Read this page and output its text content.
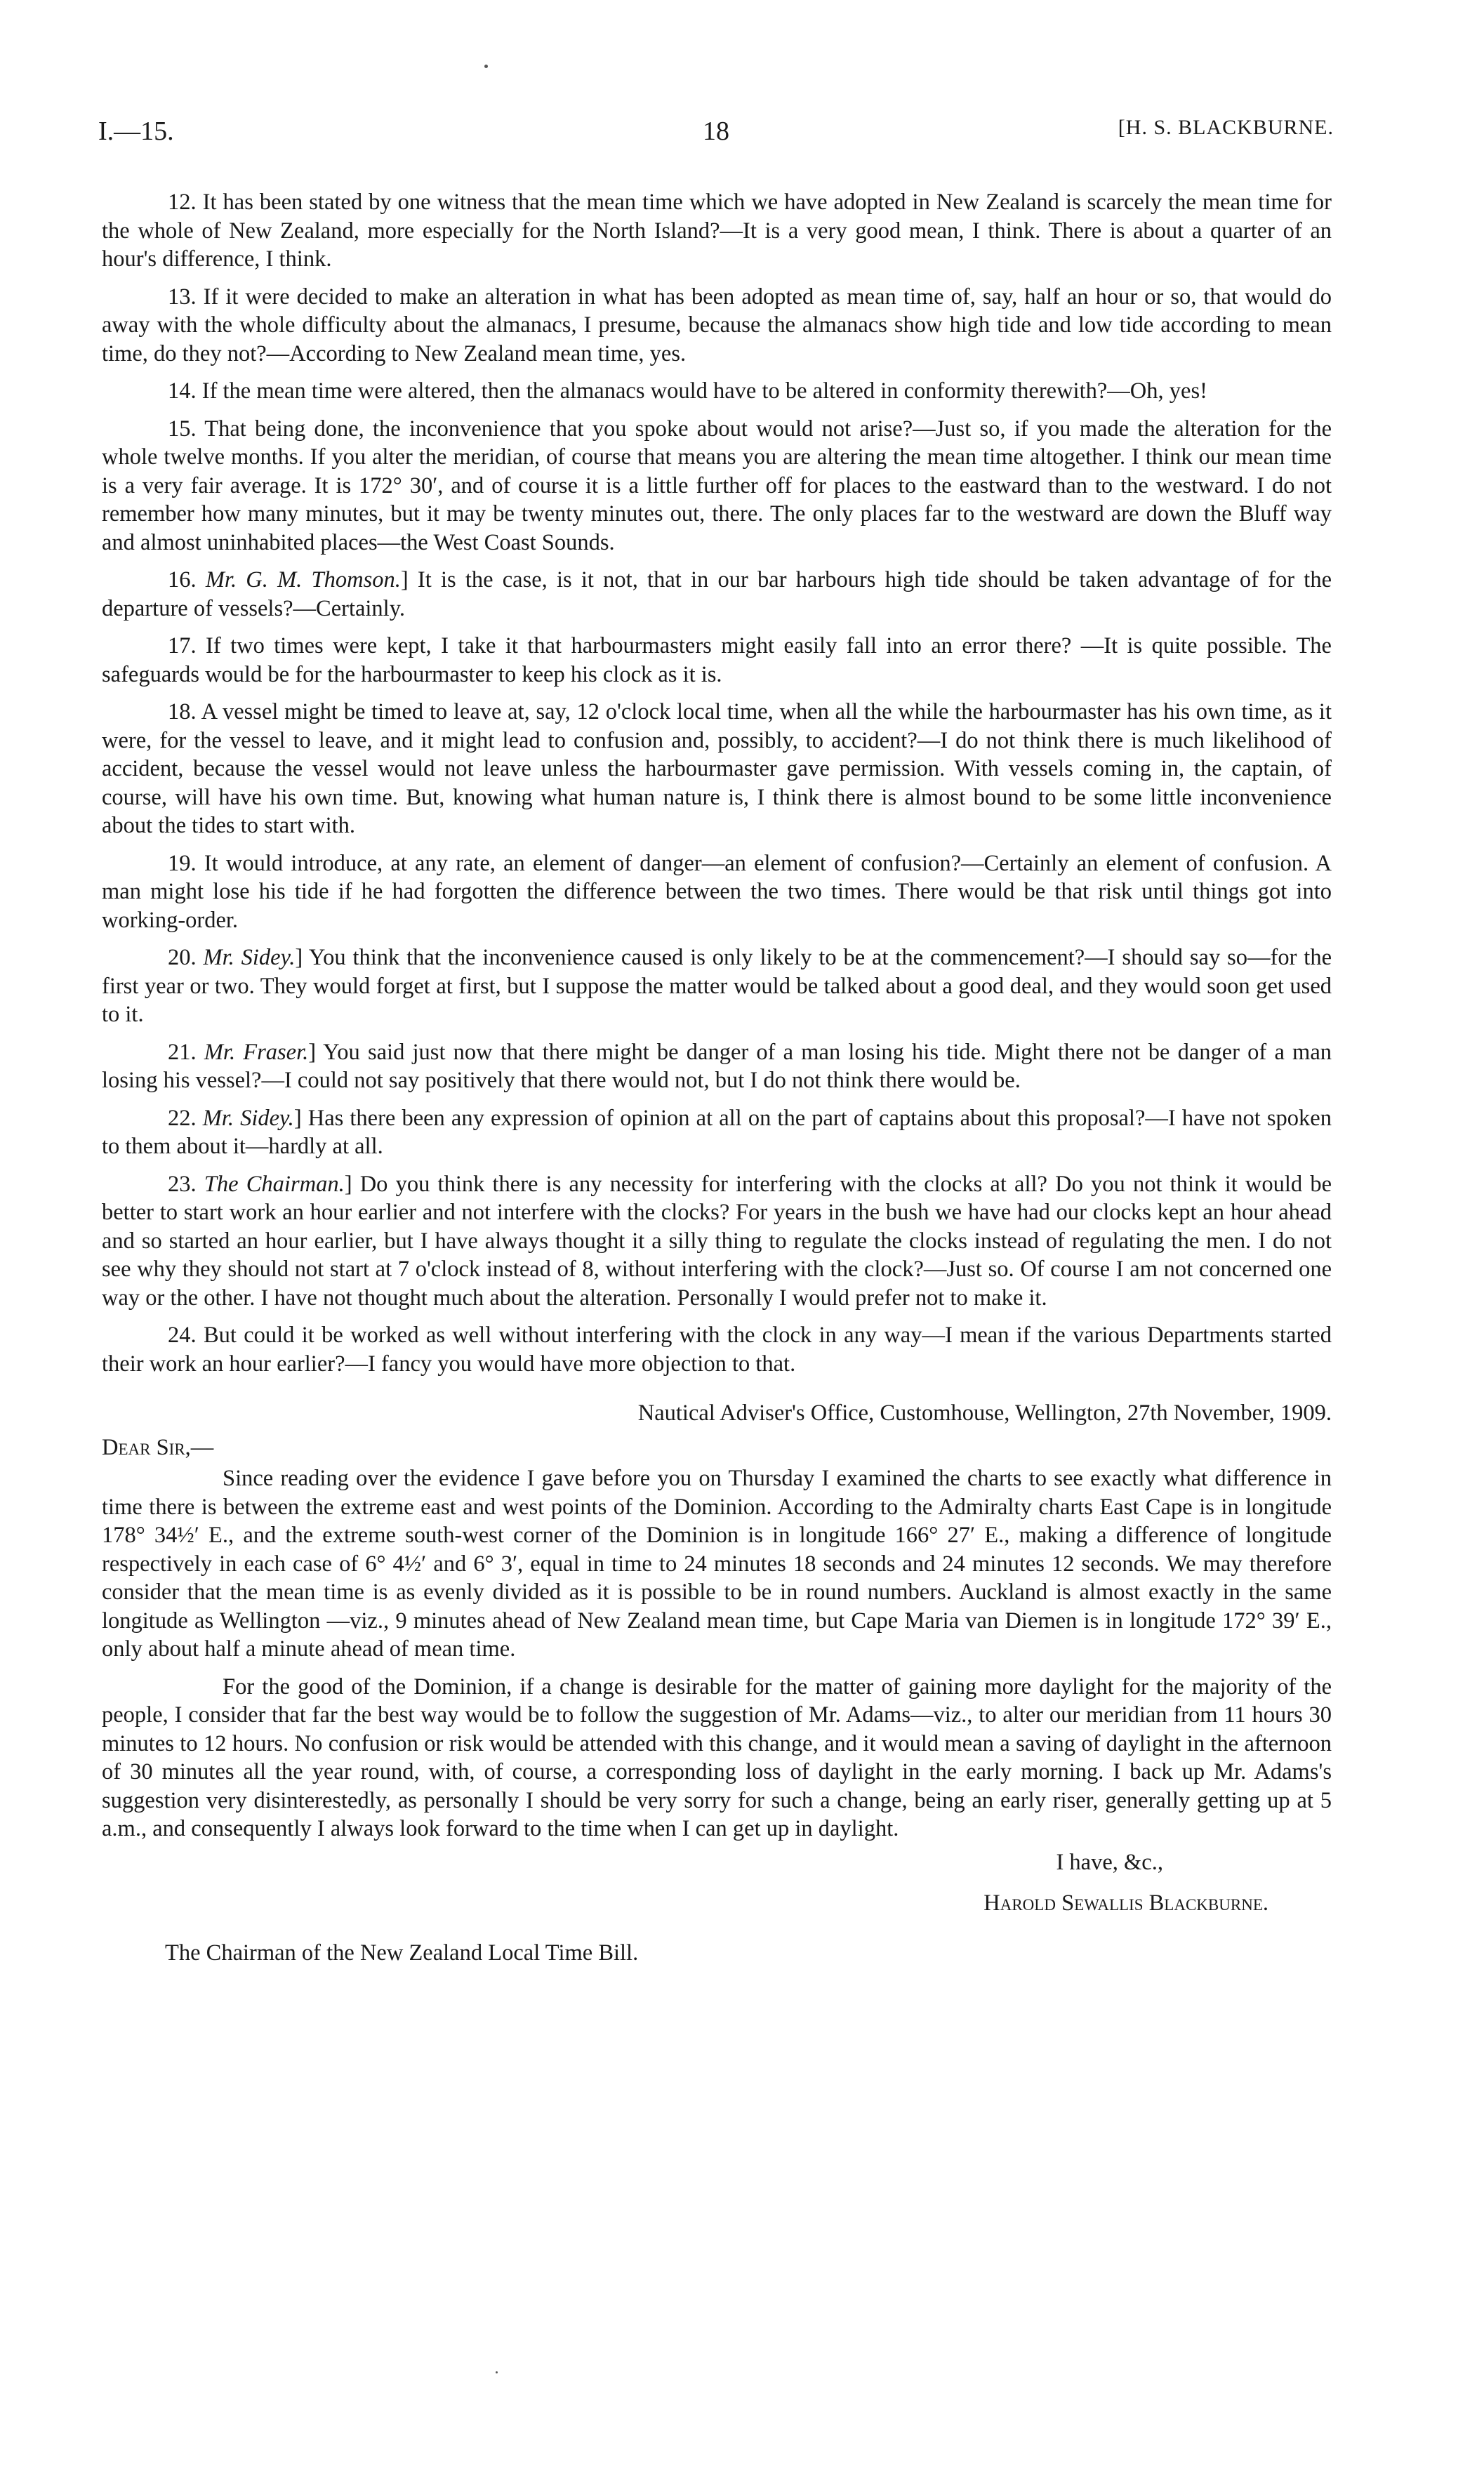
I.—15.	18	[H. S. BLACKBURNE.

12. It has been stated by one witness that the mean time which we have adopted in New Zealand is scarcely the mean time for the whole of New Zealand, more especially for the North Island?—It is a very good mean, I think. There is about a quarter of an hour's difference, I think.

13. If it were decided to make an alteration in what has been adopted as mean time of, say, half an hour or so, that would do away with the whole difficulty about the almanacs, I presume, because the almanacs show high tide and low tide according to mean time, do they not?—According to New Zealand mean time, yes.

14. If the mean time were altered, then the almanacs would have to be altered in conformity therewith?—Oh, yes!

15. That being done, the inconvenience that you spoke about would not arise?—Just so, if you made the alteration for the whole twelve months. If you alter the meridian, of course that means you are altering the mean time altogether. I think our mean time is a very fair average. It is 172° 30′, and of course it is a little further off for places to the eastward than to the westward. I do not remember how many minutes, but it may be twenty minutes out, there. The only places far to the westward are down the Bluff way and almost uninhabited places—the West Coast Sounds.

16. Mr. G. M. Thomson.] It is the case, is it not, that in our bar harbours high tide should be taken advantage of for the departure of vessels?—Certainly.

17. If two times were kept, I take it that harbourmasters might easily fall into an error there? —It is quite possible. The safeguards would be for the harbourmaster to keep his clock as it is.

18. A vessel might be timed to leave at, say, 12 o'clock local time, when all the while the harbourmaster has his own time, as it were, for the vessel to leave, and it might lead to confusion and, possibly, to accident?—I do not think there is much likelihood of accident, because the vessel would not leave unless the harbourmaster gave permission. With vessels coming in, the captain, of course, will have his own time. But, knowing what human nature is, I think there is almost bound to be some little inconvenience about the tides to start with.

19. It would introduce, at any rate, an element of danger—an element of confusion?—Certainly an element of confusion. A man might lose his tide if he had forgotten the difference between the two times. There would be that risk until things got into working-order.

20. Mr. Sidey.] You think that the inconvenience caused is only likely to be at the commencement?—I should say so—for the first year or two. They would forget at first, but I suppose the matter would be talked about a good deal, and they would soon get used to it.

21. Mr. Fraser.] You said just now that there might be danger of a man losing his tide. Might there not be danger of a man losing his vessel?—I could not say positively that there would not, but I do not think there would be.

22. Mr. Sidey.] Has there been any expression of opinion at all on the part of captains about this proposal?—I have not spoken to them about it—hardly at all.

23. The Chairman.] Do you think there is any necessity for interfering with the clocks at all? Do you not think it would be better to start work an hour earlier and not interfere with the clocks? For years in the bush we have had our clocks kept an hour ahead and so started an hour earlier, but I have always thought it a silly thing to regulate the clocks instead of regulating the men. I do not see why they should not start at 7 o'clock instead of 8, without interfering with the clock?—Just so. Of course I am not concerned one way or the other. I have not thought much about the alteration. Personally I would prefer not to make it.

24. But could it be worked as well without interfering with the clock in any way—I mean if the various Departments started their work an hour earlier?—I fancy you would have more objection to that.

Nautical Adviser's Office, Customhouse, Wellington, 27th November, 1909.
Dear Sir,—

Since reading over the evidence I gave before you on Thursday I examined the charts to see exactly what difference in time there is between the extreme east and west points of the Dominion. According to the Admiralty charts East Cape is in longitude 178° 34½′ E., and the extreme south-west corner of the Dominion is in longitude 166° 27′ E., making a difference of longitude respectively in each case of 6° 4½′ and 6° 3′, equal in time to 24 minutes 18 seconds and 24 minutes 12 seconds. We may therefore consider that the mean time is as evenly divided as it is possible to be in round numbers. Auckland is almost exactly in the same longitude as Wellington —viz., 9 minutes ahead of New Zealand mean time, but Cape Maria van Diemen is in longitude 172° 39′ E., only about half a minute ahead of mean time.

For the good of the Dominion, if a change is desirable for the matter of gaining more daylight for the majority of the people, I consider that far the best way would be to follow the suggestion of Mr. Adams—viz., to alter our meridian from 11 hours 30 minutes to 12 hours. No confusion or risk would be attended with this change, and it would mean a saving of daylight in the afternoon of 30 minutes all the year round, with, of course, a corresponding loss of daylight in the early morning. I back up Mr. Adams's suggestion very disinterestedly, as personally I should be very sorry for such a change, being an early riser, generally getting up at 5 a.m., and consequently I always look forward to the time when I can get up in daylight.

I have, &c.,
Harold Sewallis Blackburne.
The Chairman of the New Zealand Local Time Bill.
